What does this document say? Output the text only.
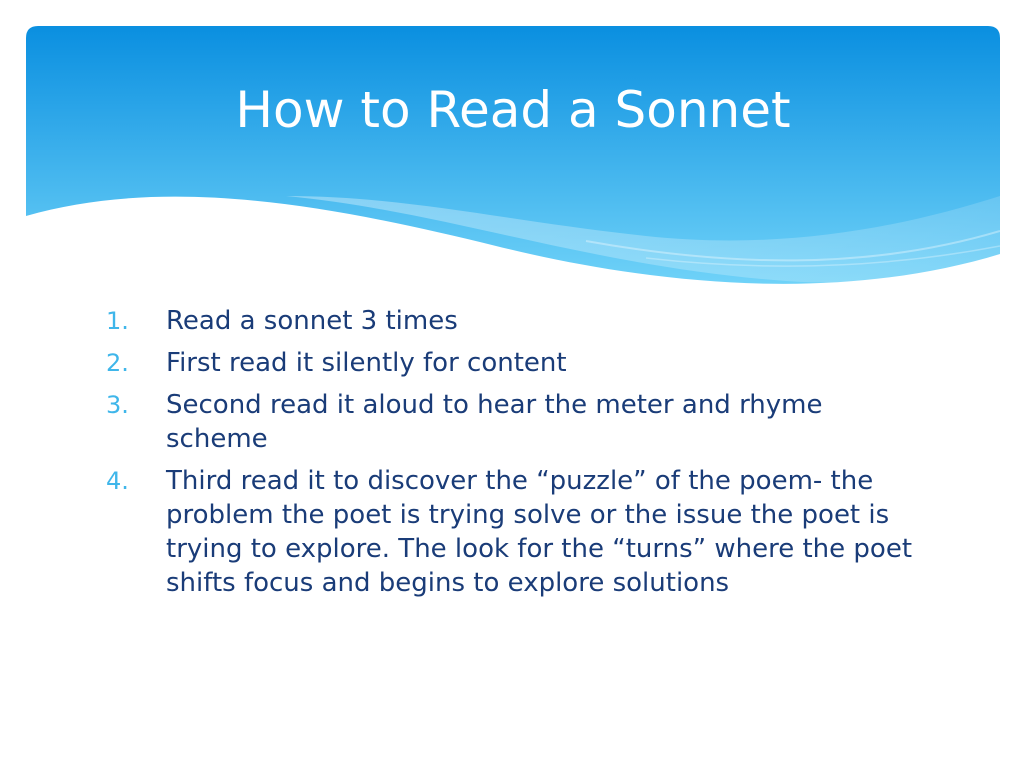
How to Read a Sonnet
1. Read a sonnet 3 times
2. First read it silently for content
3. Second read it aloud to hear the meter and rhyme scheme
4. Third read it to discover the “puzzle” of the poem- the problem the poet is trying solve or the issue the poet is trying to explore. The look for the “turns” where the poet shifts focus and begins to explore solutions
